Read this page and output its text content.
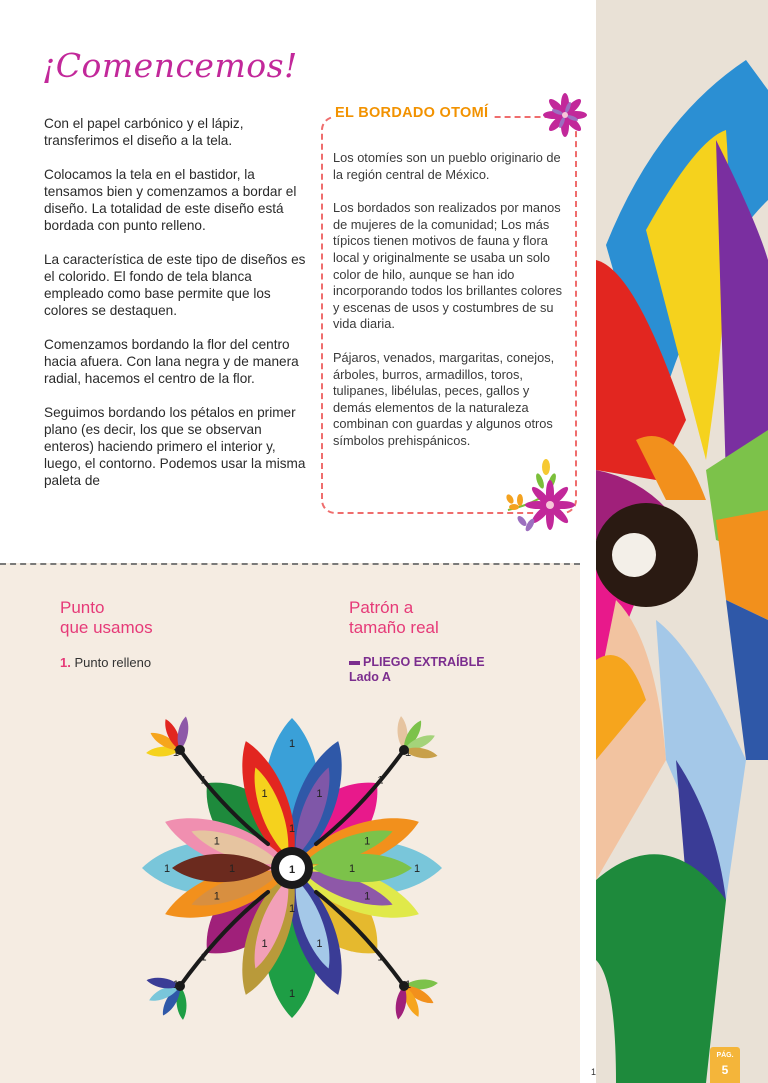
¡Comencemos!

Con el papel carbónico y el lápiz, transferimos el diseño a la tela.

Colocamos la tela en el bastidor, la tensamos bien y comenzamos a bordar el diseño. La totalidad de este diseño está bordada con punto relleno.

La característica de este tipo de diseños es el colorido. El fondo de tela blanca empleado como base permite que los colores se destaquen.

Comenzamos bordando la flor del centro hacia afuera. Con lana negra y de manera radial, hacemos el centro de la flor.

Seguimos bordando los pétalos en primer plano (es decir, los que se observan enteros) haciendo primero el interior y, luego, el contorno. Podemos usar la misma paleta de

EL BORDADO OTOMÍ

Los otomíes son un pueblo originario de la región central de México.

Los bordados son realizados por manos de mujeres de la comunidad; Los más típicos tienen motivos de fauna y flora local y originalmente se usaba un solo color de hilo, aunque se han ido incorporando todos los brillantes colores y escenas de usos y costumbres de su vida diaria.

Pájaros, venados, margaritas, conejos, árboles, burros, armadillos, toros, tulipanes, libélulas, peces, gallos y demás elementos de la naturaleza combinan con guardas y algunos otros símbolos prehispánicos.

Punto
que usamos
1. Punto relleno
Patrón a
tamaño real
PLIEGO EXTRAÍBLE
Lado A
1
1
1
1
1
1
1
1
1
1
1
1
1
1
1
1
1
1
1
1
1
1	1
1
1
1
PÁG.
5
